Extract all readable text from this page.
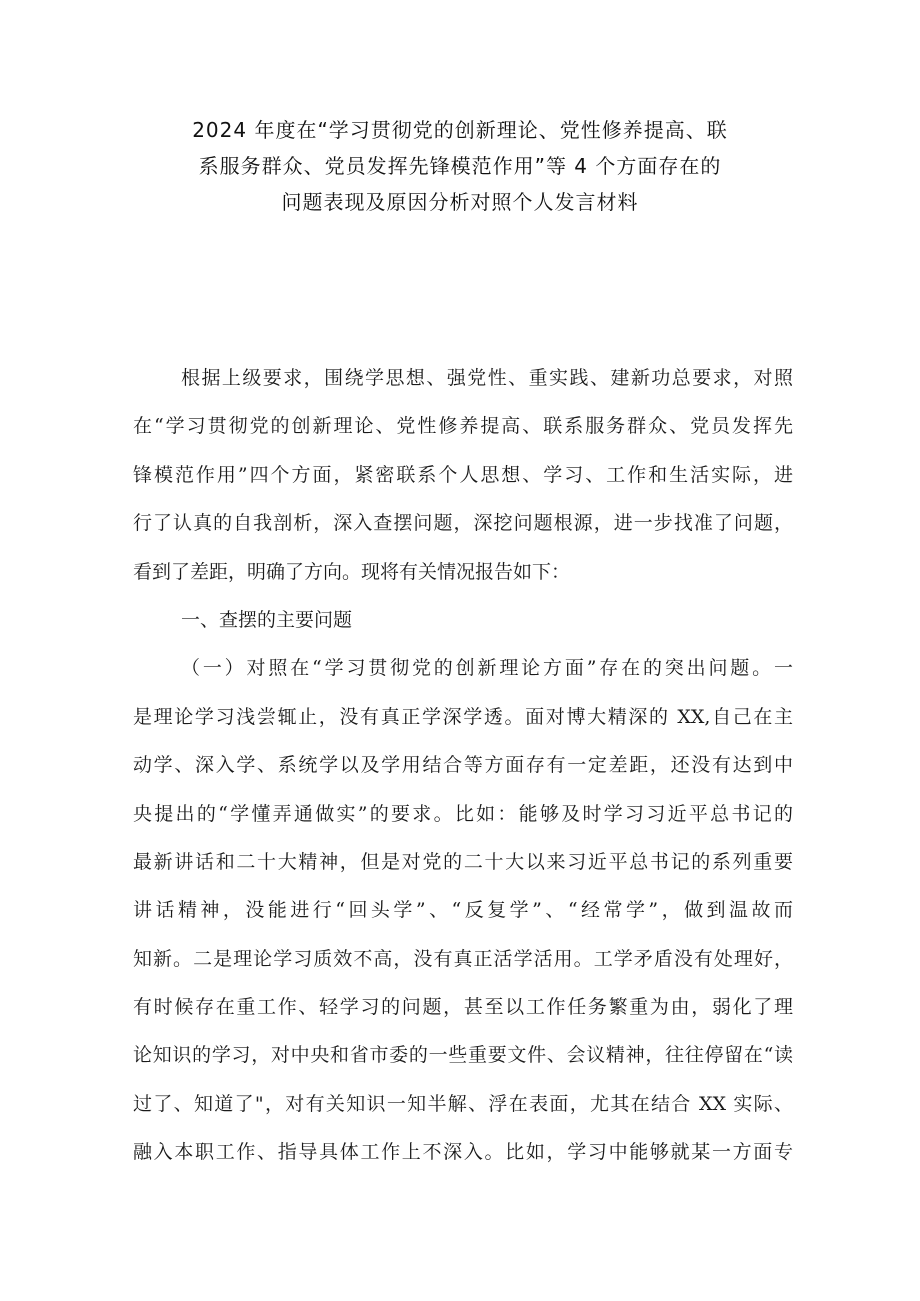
2024 年度在“学习贯彻党的创新理论、党性修养提高、联
系服务群众、党员发挥先锋模范作用”等 4 个方面存在的
问题表现及原因分析对照个人发言材料
根据上级要求，围绕学思想、强党性、重实践、建新功总要求，对照
在“学习贯彻党的创新理论、党性修养提高、联系服务群众、党员发挥先
锋模范作用”四个方面，紧密联系个人思想、学习、工作和生活实际，进
行了认真的自我剖析，深入查摆问题，深挖问题根源，进一步找准了问题，
看到了差距，明确了方向。现将有关情况报告如下：
一、查摆的主要问题
（一）对照在“学习贯彻党的创新理论方面”存在的突出问题。一
是理论学习浅尝辄止，没有真正学深学透。面对博大精深的 XX,自己在主
动学、深入学、系统学以及学用结合等方面存有一定差距，还没有达到中
央提出的“学懂弄通做实”的要求。比如：能够及时学习习近平总书记的
最新讲话和二十大精神，但是对党的二十大以来习近平总书记的系列重要
讲话精神，没能进行“回头学”、“反复学”、“经常学”，做到温故而
知新。二是理论学习质效不高，没有真正活学活用。工学矛盾没有处理好，
有时候存在重工作、轻学习的问题，甚至以工作任务繁重为由，弱化了理
论知识的学习，对中央和省市委的一些重要文件、会议精神，往往停留在“读
过了、知道了"，对有关知识一知半解、浮在表面，尤其在结合 XX 实际、
融入本职工作、指导具体工作上不深入。比如，学习中能够就某一方面专
